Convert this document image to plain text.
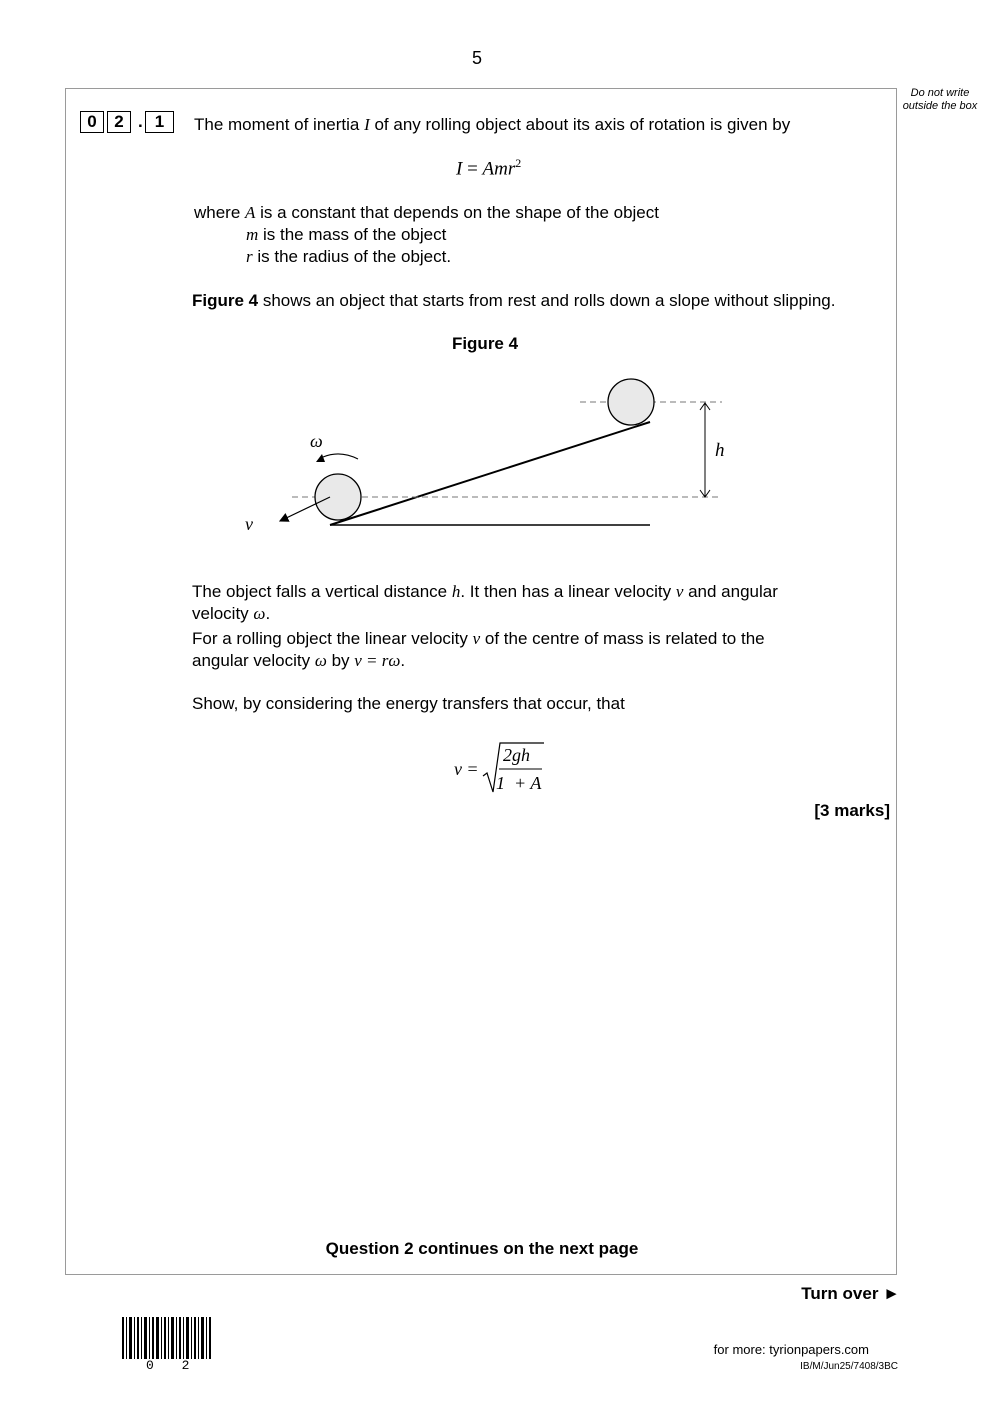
5
Do not write outside the box
0	2 . 1	The moment of inertia I of any rolling object about its axis of rotation is given by
I = Amr$^2$
where A is a constant that depends on the shape of the object
m is the mass of the object
r is the radius of the object.
Figure 4 shows an object that starts from rest and rolls down a slope without slipping.
Figure 4
h
v
ω
The object falls a vertical distance h. It then has a linear velocity v and angular
velocity ω.
For a rolling object the linear velocity v of the centre of mass is related to the
angular velocity ω by v = rω.
Show, by considering the energy transfers that occur, that
v =
2gh
1  + A
[3 marks]
Question 2 continues on the next page
Turn over ►
0 2
for more: tyrionpapers.com
IB/M/Jun25/7408/3BC
